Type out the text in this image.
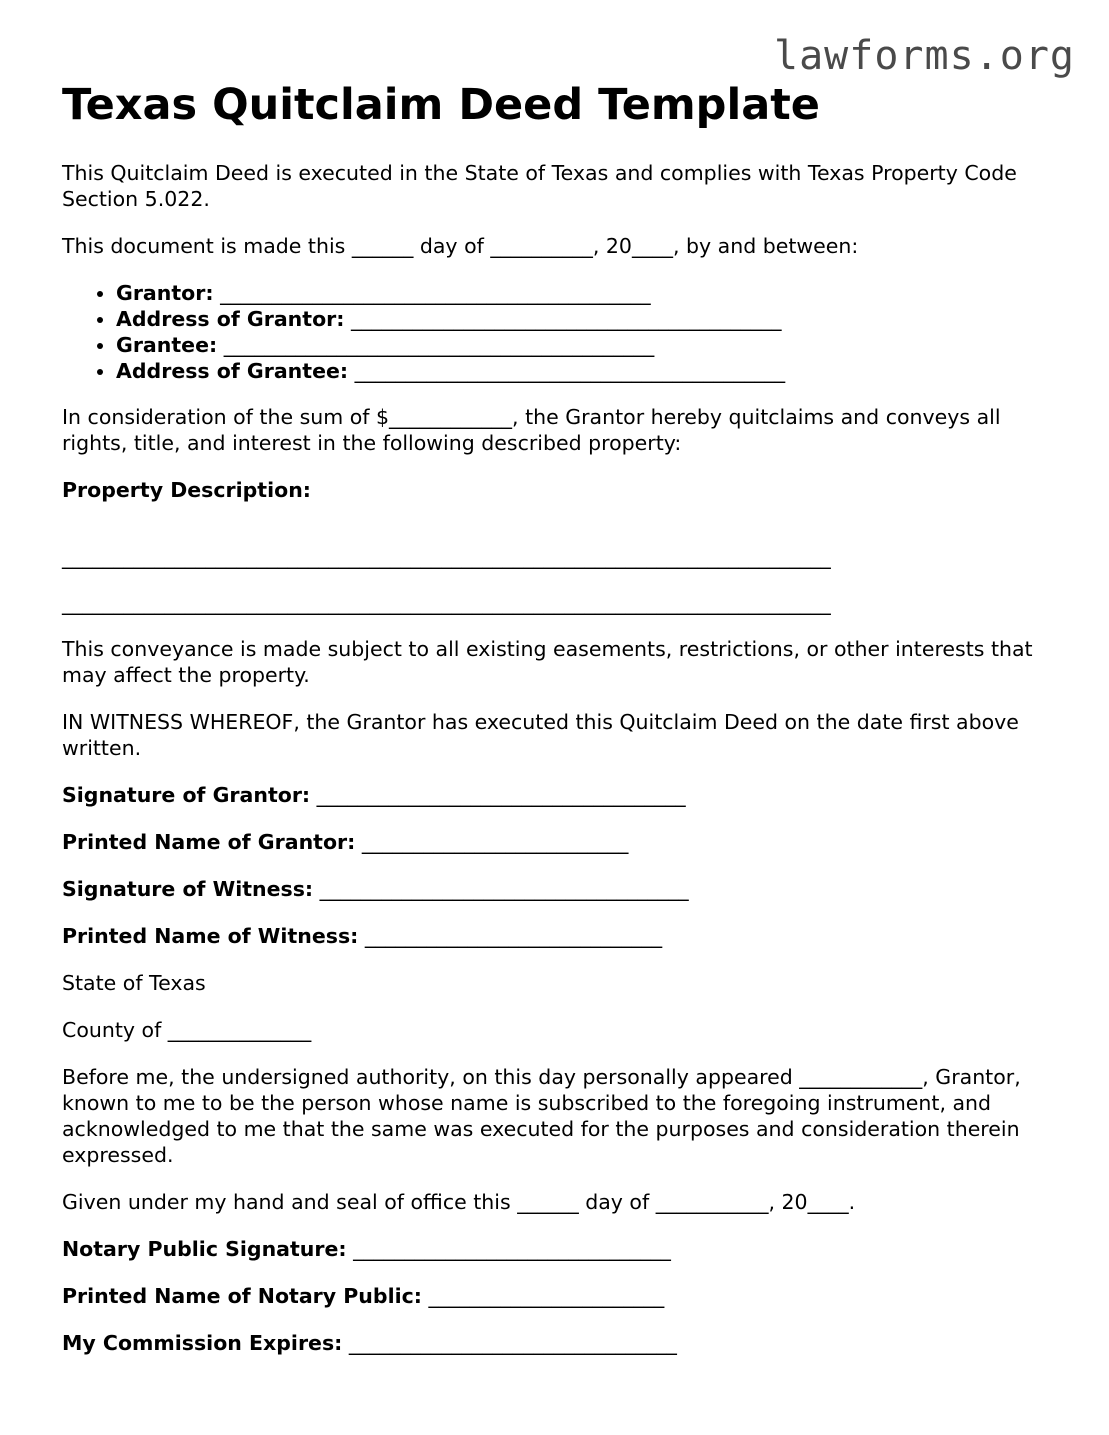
lawforms.org
Texas Quitclaim Deed Template

This Quitclaim Deed is executed in the State of Texas and complies with Texas Property Code Section 5.022.

This document is made this ______ day of __________, 20____, by and between:

• Grantor: __________________________________________
• Address of Grantor: __________________________________________
• Grantee: __________________________________________
• Address of Grantee: __________________________________________

In consideration of the sum of $____________, the Grantor hereby quitclaims and conveys all rights, title, and interest in the following described property:

Property Description:

___________________________________________________________________________
___________________________________________________________________________

This conveyance is made subject to all existing easements, restrictions, or other interests that may affect the property.

IN WITNESS WHEREOF, the Grantor has executed this Quitclaim Deed on the date first above written.

Signature of Grantor: ____________________________________

Printed Name of Grantor: __________________________

Signature of Witness: ____________________________________

Printed Name of Witness: _____________________________

State of Texas

County of ______________

Before me, the undersigned authority, on this day personally appeared ____________, Grantor, known to me to be the person whose name is subscribed to the foregoing instrument, and acknowledged to me that the same was executed for the purposes and consideration therein expressed.

Given under my hand and seal of office this ______ day of ___________, 20____.

Notary Public Signature: _______________________________

Printed Name of Notary Public: _______________________

My Commission Expires: ________________________________
